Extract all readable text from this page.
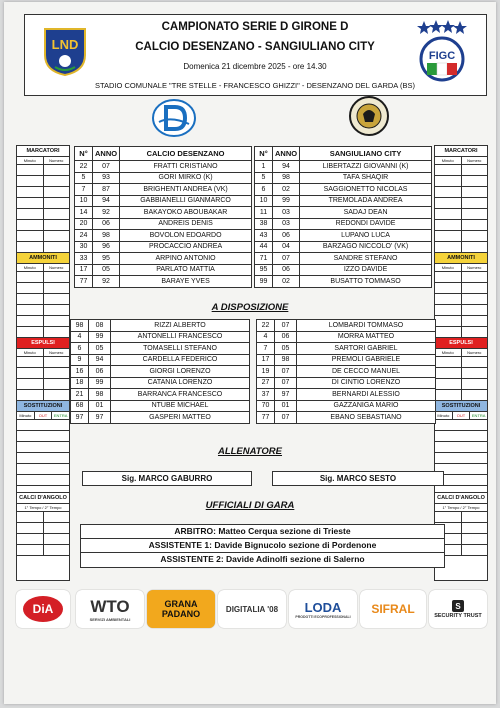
LND
CAMPIONATO SERIE D GIRONE D
CALCIO DESENZANO - SANGIULIANO CITY
Domenica 21 dicembre 2025 - ore 14.30
STADIO COMUNALE "TRE STELLE - FRANCESCO GHIZZI" - DESENZANO DEL GARDA (BS)
FIGC
MARCATORI
Minuto	Numero
AMMONITI
Minuto	Numero
ESPULSI
Minuto	Numero
SOSTITUZIONI
Minuto	OUT	ENTRA
CALCI D'ANGOLO
1° Tempo / 2° Tempo
MARCATORI
Minuto	Numero
AMMONITI
Minuto	Numero
ESPULSI
Minuto	Numero
SOSTITUZIONI
Minuto	OUT	ENTRA
CALCI D'ANGOLO
1° Tempo / 2° Tempo
N°	ANNO	CALCIO DESENZANO
22	07	FRATTI CRISTIANO
5	93	GORI MIRKO (K)
7	87	BRIGHENTI ANDREA (VK)
10	94	GABBIANELLI GIANMARCO
14	92	BAKAYOKO ABOUBAKAR
20	06	ANDREIS DENIS
24	98	BOVOLON EDOARDO
30	96	PROCACCIO ANDREA
33	95	ARPINO ANTONIO
17	05	PARLATO MATTIA
77	92	BARAYE YVES
N°	ANNO	SANGIULIANO CITY
1	94	LIBERTAZZI GIOVANNI (K)
5	98	TAFA SHAQIR
6	02	SAGGIONETTO NICOLAS
10	99	TREMOLADA ANDREA
11	03	SADAJ DEAN
38	03	REDONDI DAVIDE
43	06	LUPANO LUCA
44	04	BARZAGO NICCOLO' (VK)
71	07	SANDRE STEFANO
95	06	IZZO DAVIDE
99	02	BUSATTO TOMMASO
A DISPOSIZIONE
98	08	RIZZI ALBERTO
4	99	ANTONELLI FRANCESCO
6	05	TOMASELLI STEFANO
9	94	CARDELLA FEDERICO
16	06	GIORGI LORENZO
18	99	CATANIA LORENZO
21	98	BARRANCA FRANCESCO
68	01	NTUBE MICHAEL
97	97	GASPERI MATTEO
22	07	LOMBARDI TOMMASO
4	06	MORRA MATTEO
7	05	SARTORI GABRIEL
17	98	PREMOLI GABRIELE
19	07	DE CECCO MANUEL
27	07	DI CINTIO LORENZO
37	97	BERNARDI ALESSIO
70	01	GAZZANIGA MARIO
77	07	EBANO SEBASTIANO
ALLENATORE
Sig. MARCO GABURRO	Sig. MARCO SESTO
UFFICIALI DI GARA
ARBITRO: Matteo Cerqua sezione di Trieste
ASSISTENTE 1: Davide Bignucolo sezione di Pordenone
ASSISTENTE 2: Davide Adinolfi sezione di Salerno
DiA WTO
SERVIZI AMBIENTALI
GRANA PADANO	DIGITALIA '08 LODA
PRODOTTI ECOPROFESSIONALI
SIFRAL	S
SECURITY TRUST
